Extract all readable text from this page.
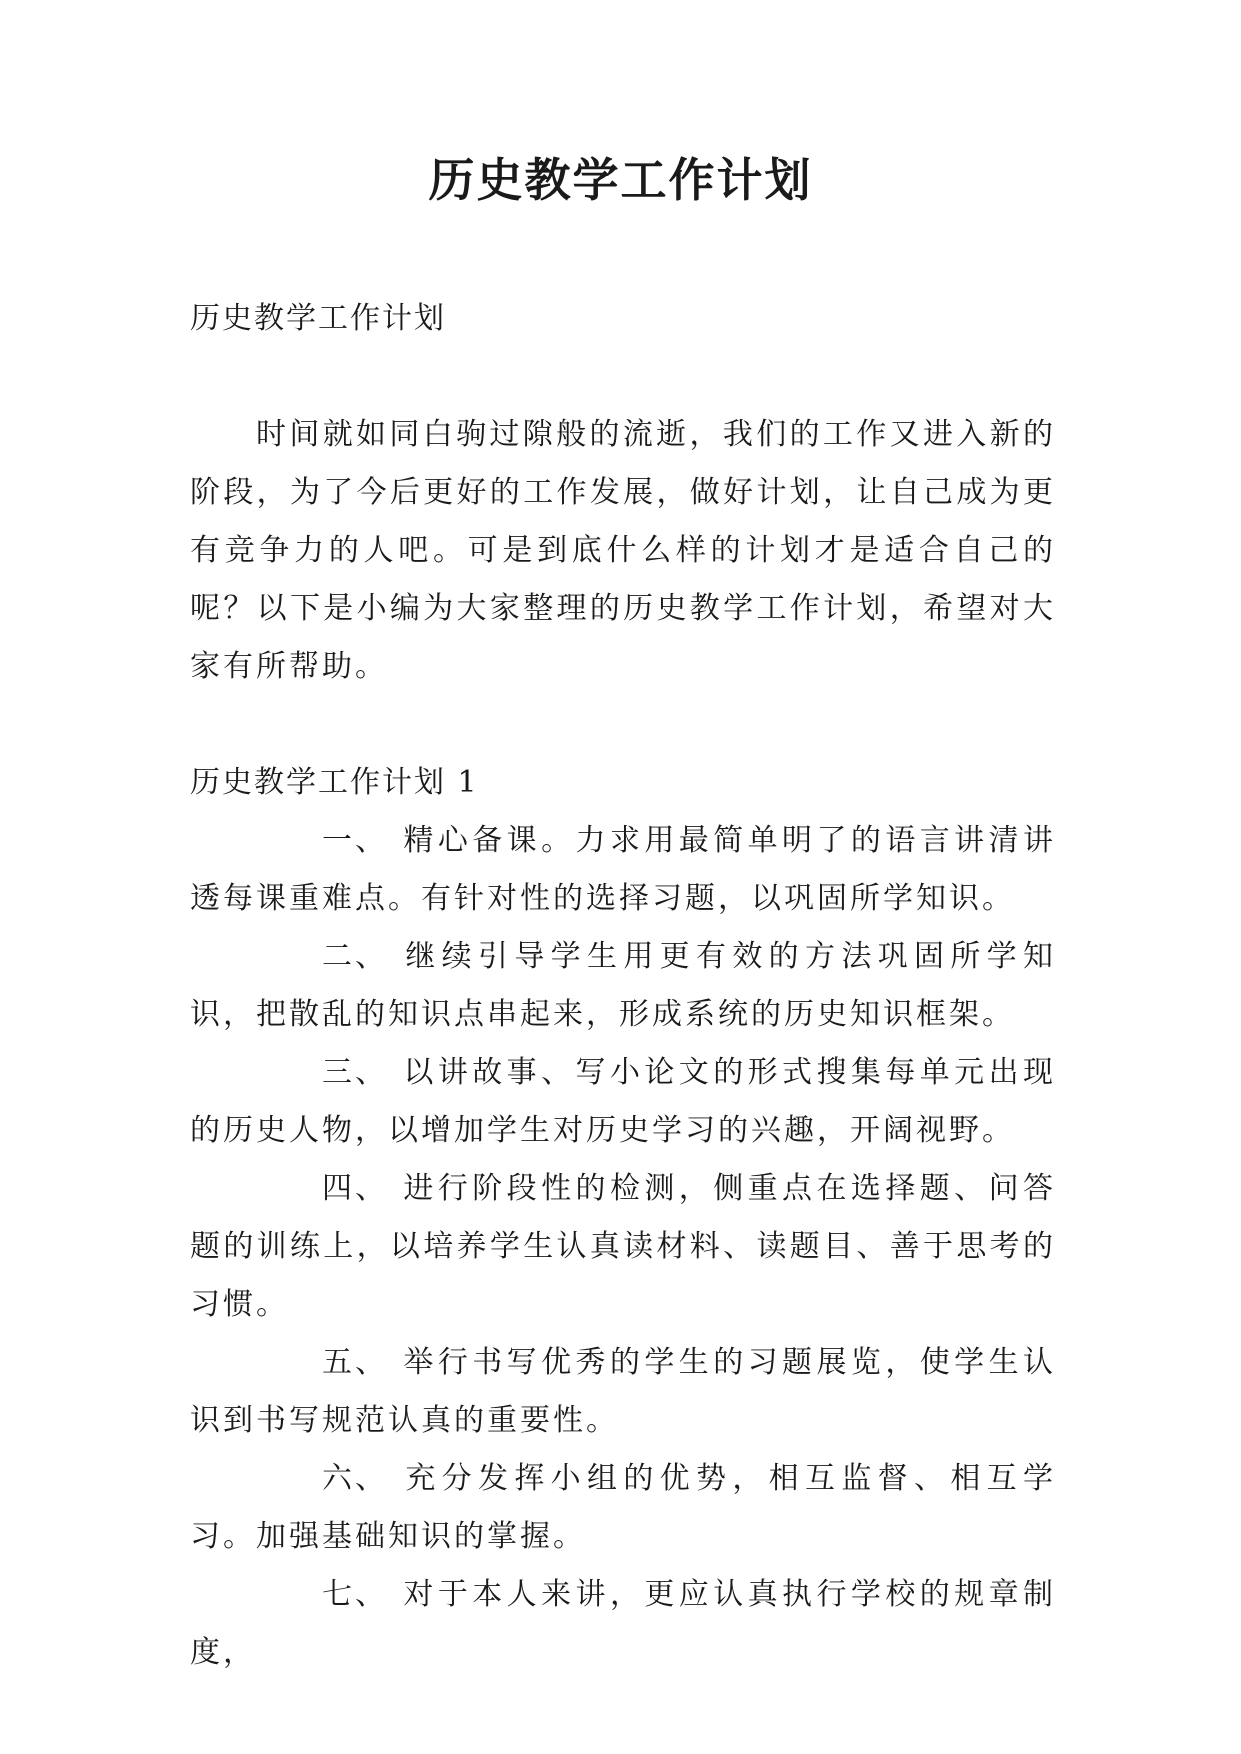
历史教学工作计划

历史教学工作计划

时间就如同白驹过隙般的流逝，我们的工作又进入新的阶段，为了今后更好的工作发展，做好计划，让自己成为更有竞争力的人吧。可是到底什么样的计划才是适合自己的呢？以下是小编为大家整理的历史教学工作计划，希望对大家有所帮助。

历史教学工作计划 1

一、 精心备课。力求用最简单明了的语言讲清讲透每课重难点。有针对性的选择习题，以巩固所学知识。

二、 继续引导学生用更有效的方法巩固所学知识，把散乱的知识点串起来，形成系统的历史知识框架。

三、 以讲故事、写小论文的形式搜集每单元出现的历史人物，以增加学生对历史学习的兴趣，开阔视野。

四、 进行阶段性的检测，侧重点在选择题、问答题的训练上，以培养学生认真读材料、读题目、善于思考的习惯。

五、 举行书写优秀的学生的习题展览，使学生认识到书写规范认真的重要性。

六、 充分发挥小组的优势，相互监督、相互学习。加强基础知识的掌握。

七、 对于本人来讲，更应认真执行学校的规章制度，
